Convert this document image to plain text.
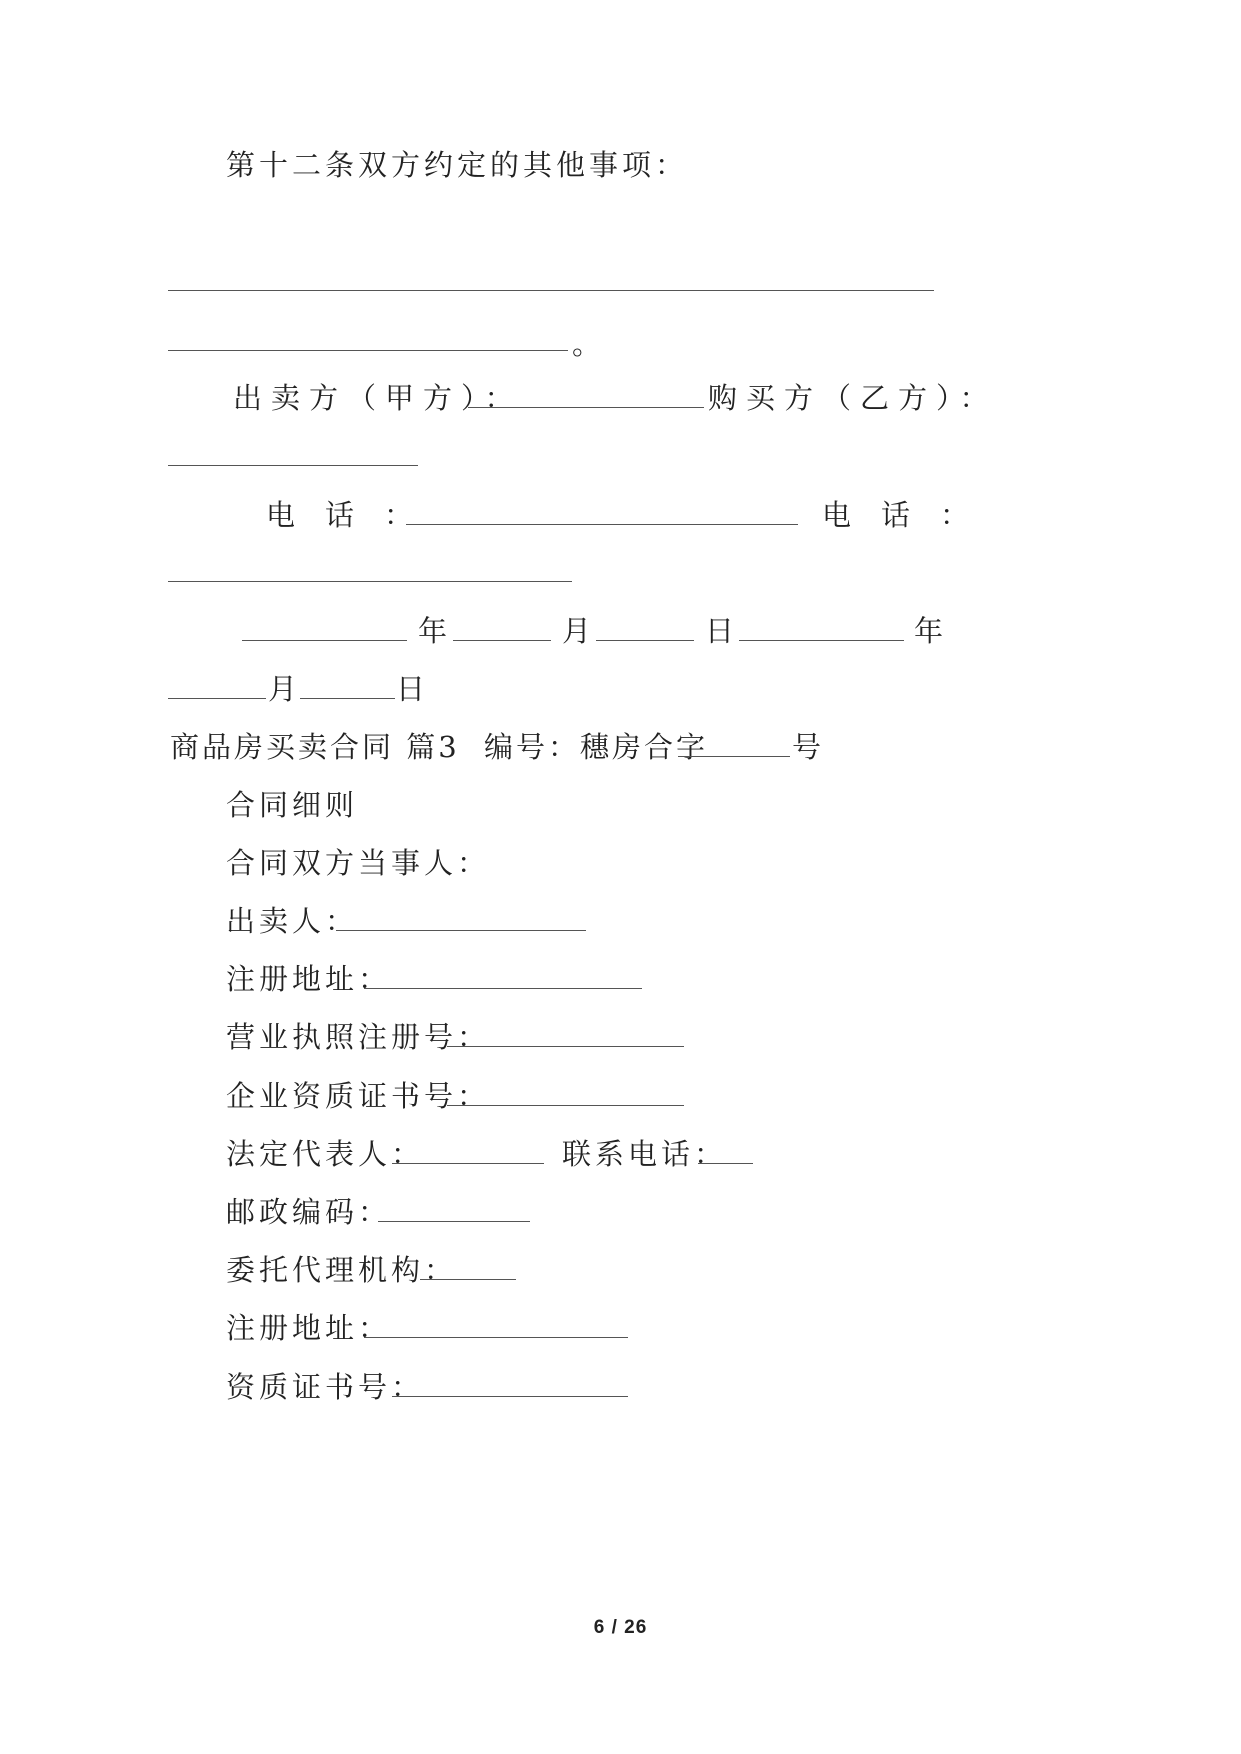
第十二条双方约定的其他事项：
。
出卖方（甲方）：	购买方（乙方）：
电话：	电话：
年	月	日	年
月	日
商品房买卖合同 篇3 编号：穗房合字	号
合同细则
合同双方当事人：
出卖人：
注册地址：
营业执照注册号：
企业资质证书号：
法定代表人：	联系电话：
邮政编码：
委托代理机构：
注册地址：
资质证书号：
6 / 26
